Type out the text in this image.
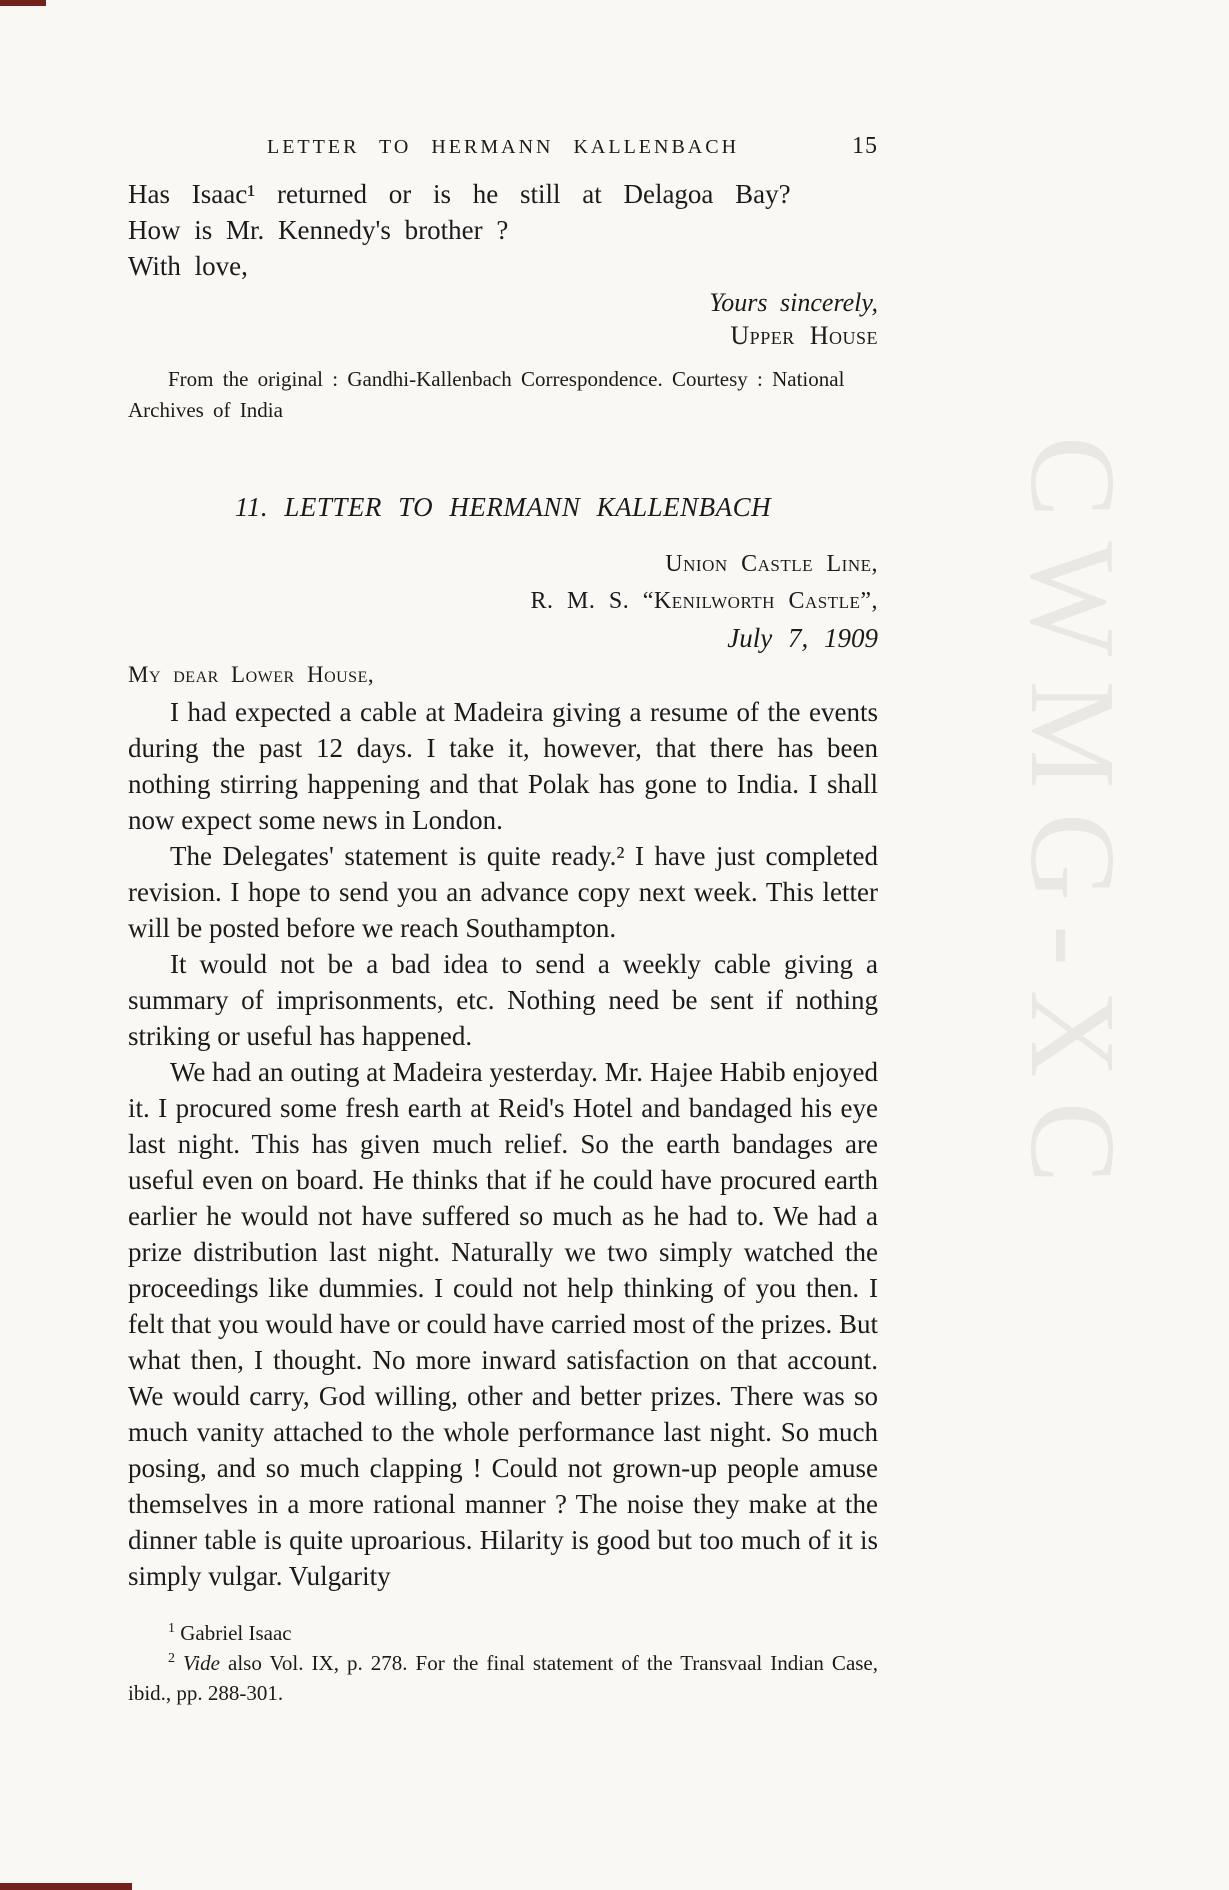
CWMG-XC
LETTER TO HERMANN KALLENBACH	15
Has Isaac¹ returned or is he still at Delagoa Bay?
How is Mr. Kennedy's brother ?
With love,
Yours sincerely,
Upper House
From the original : Gandhi-Kallenbach Correspondence. Courtesy : National
Archives of India
11. LETTER TO HERMANN KALLENBACH
Union Castle Line,
R. M. S. “Kenilworth Castle”,
July 7, 1909
My dear Lower House,

I had expected a cable at Madeira giving a resume of the events during the past 12 days. I take it, however, that there has been nothing stirring happening and that Polak has gone to India. I shall now expect some news in London.

The Delegates' statement is quite ready.² I have just completed revision. I hope to send you an advance copy next week. This letter will be posted before we reach Southampton.

It would not be a bad idea to send a weekly cable giving a summary of imprisonments, etc. Nothing need be sent if nothing striking or useful has happened.

We had an outing at Madeira yesterday. Mr. Hajee Habib enjoyed it. I procured some fresh earth at Reid's Hotel and bandaged his eye last night. This has given much relief. So the earth bandages are useful even on board. He thinks that if he could have procured earth earlier he would not have suffered so much as he had to. We had a prize distribution last night. Naturally we two simply watched the proceedings like dummies. I could not help thinking of you then. I felt that you would have or could have carried most of the prizes. But what then, I thought. No more inward satisfaction on that account. We would carry, God willing, other and better prizes. There was so much vanity attached to the whole performance last night. So much posing, and so much clapping ! Could not grown-up people amuse themselves in a more rational manner ? The noise they make at the dinner table is quite uproarious. Hilarity is good but too much of it is simply vulgar. Vulgarity

$^1$ Gabriel Isaac

$^2$ Vide also Vol. IX, p. 278. For the final statement of the Transvaal Indian Case, ibid., pp. 288-301.
